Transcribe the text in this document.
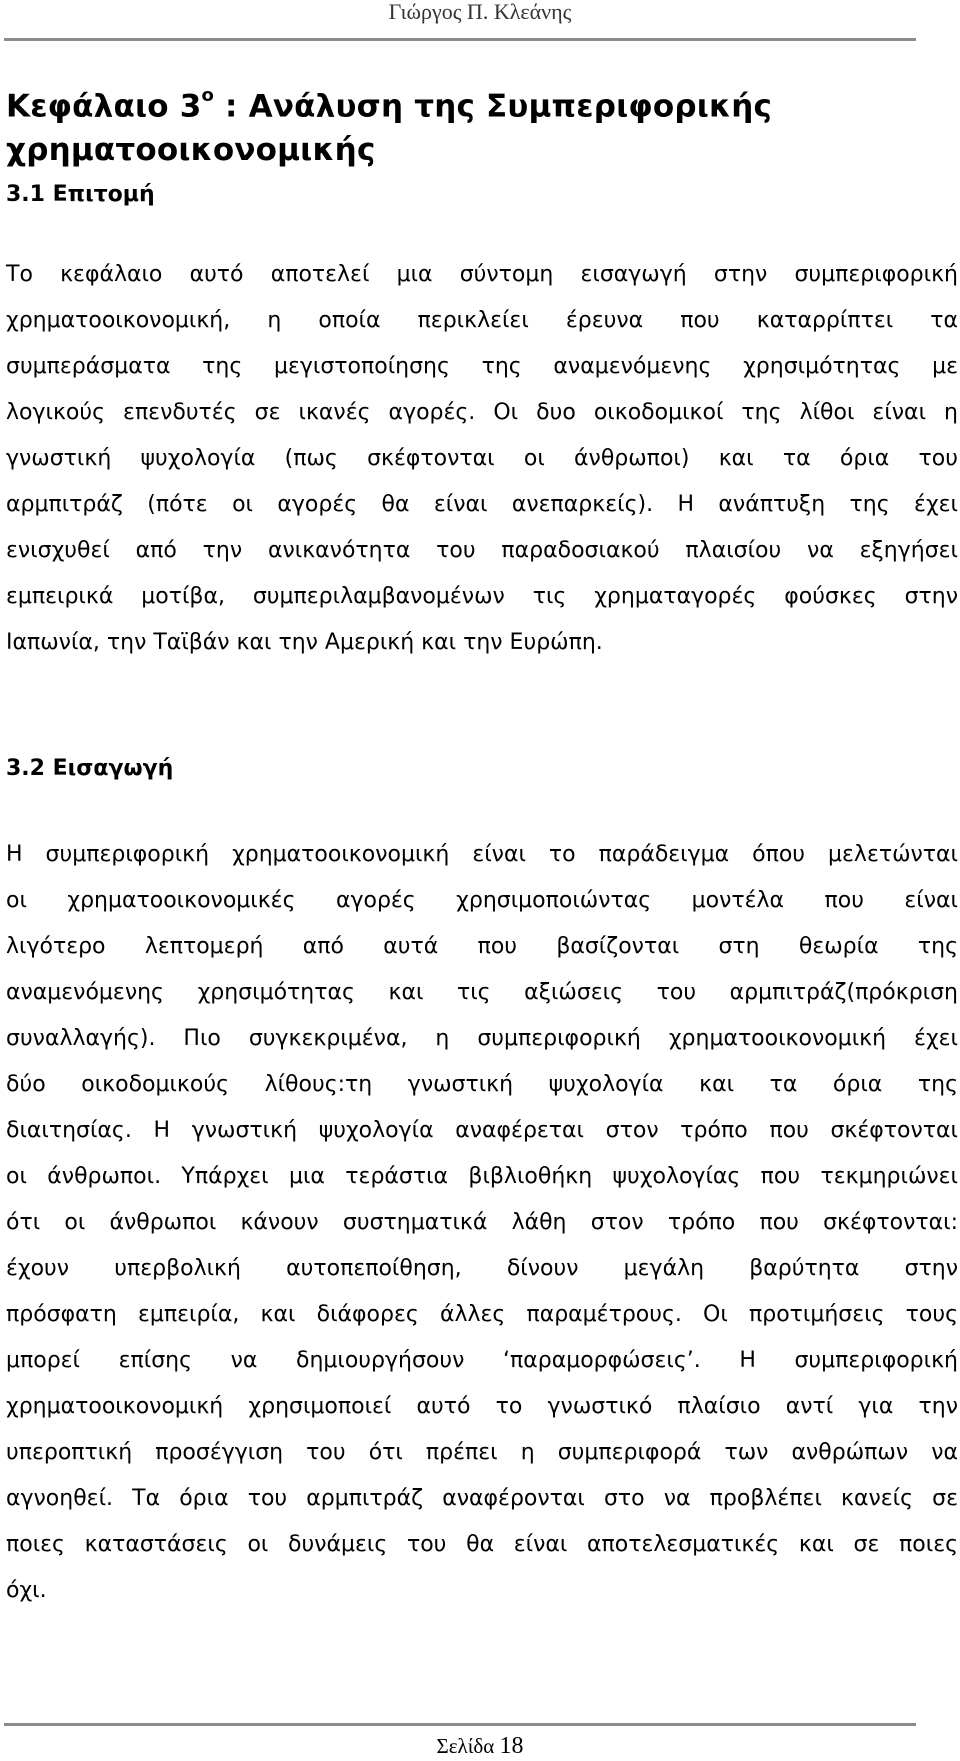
Γιώργος Π. Κλεάνης
Κεφάλαιο $3^o$ : Ανάλυση της Συμπεριφορικής
χρηματοοικονομικής
3.1 Επιτομή
Το κεφάλαιο αυτό αποτελεί μια σύντομη εισαγωγή στην συμπεριφορική
χρηματοοικονομική, η οποία περικλείει έρευνα που καταρρίπτει τα
συμπεράσματα της μεγιστοποίησης της αναμενόμενης χρησιμότητας με
λογικούς επενδυτές σε ικανές αγορές. Οι δυο οικοδομικοί της λίθοι είναι η
γνωστική ψυχολογία (πως σκέφτονται οι άνθρωποι) και τα όρια του
αρμπιτράζ (πότε οι αγορές θα είναι ανεπαρκείς). Η ανάπτυξη της έχει
ενισχυθεί από την ανικανότητα του παραδοσιακού πλαισίου να εξηγήσει
εμπειρικά μοτίβα, συμπεριλαμβανομένων τις χρηματαγορές φούσκες στην
Ιαπωνία, την Ταϊβάν και την Αμερική και την Ευρώπη.
3.2 Εισαγωγή
Η συμπεριφορική χρηματοοικονομική είναι το παράδειγμα όπου μελετώνται
οι χρηματοοικονομικές αγορές χρησιμοποιώντας μοντέλα που είναι
λιγότερο λεπτομερή από αυτά που βασίζονται στη θεωρία της
αναμενόμενης χρησιμότητας και τις αξιώσεις του αρμπιτράζ(πρόκριση
συναλλαγής). Πιο συγκεκριμένα, η συμπεριφορική χρηματοοικονομική έχει
δύο οικοδομικούς λίθους:τη γνωστική ψυχολογία και τα όρια της
διαιτησίας. Η γνωστική ψυχολογία αναφέρεται στον τρόπο που σκέφτονται
οι άνθρωποι. Υπάρχει μια τεράστια βιβλιοθήκη ψυχολογίας που τεκμηριώνει
ότι οι άνθρωποι κάνουν συστηματικά λάθη στον τρόπο που σκέφτονται:
έχουν υπερβολική αυτοπεποίθηση, δίνουν μεγάλη βαρύτητα στην
πρόσφατη εμπειρία, και διάφορες άλλες παραμέτρους. Οι προτιμήσεις τους
μπορεί επίσης να δημιουργήσουν ‘παραμορφώσεις’. Η συμπεριφορική
χρηματοοικονομική χρησιμοποιεί αυτό το γνωστικό πλαίσιο αντί για την
υπεροπτική προσέγγιση του ότι πρέπει η συμπεριφορά των ανθρώπων να
αγνοηθεί. Τα όρια του αρμπιτράζ αναφέρονται στο να προβλέπει κανείς σε
ποιες καταστάσεις οι δυνάμεις του θα είναι αποτελεσματικές και σε ποιες
όχι.
Σελίδα 18
